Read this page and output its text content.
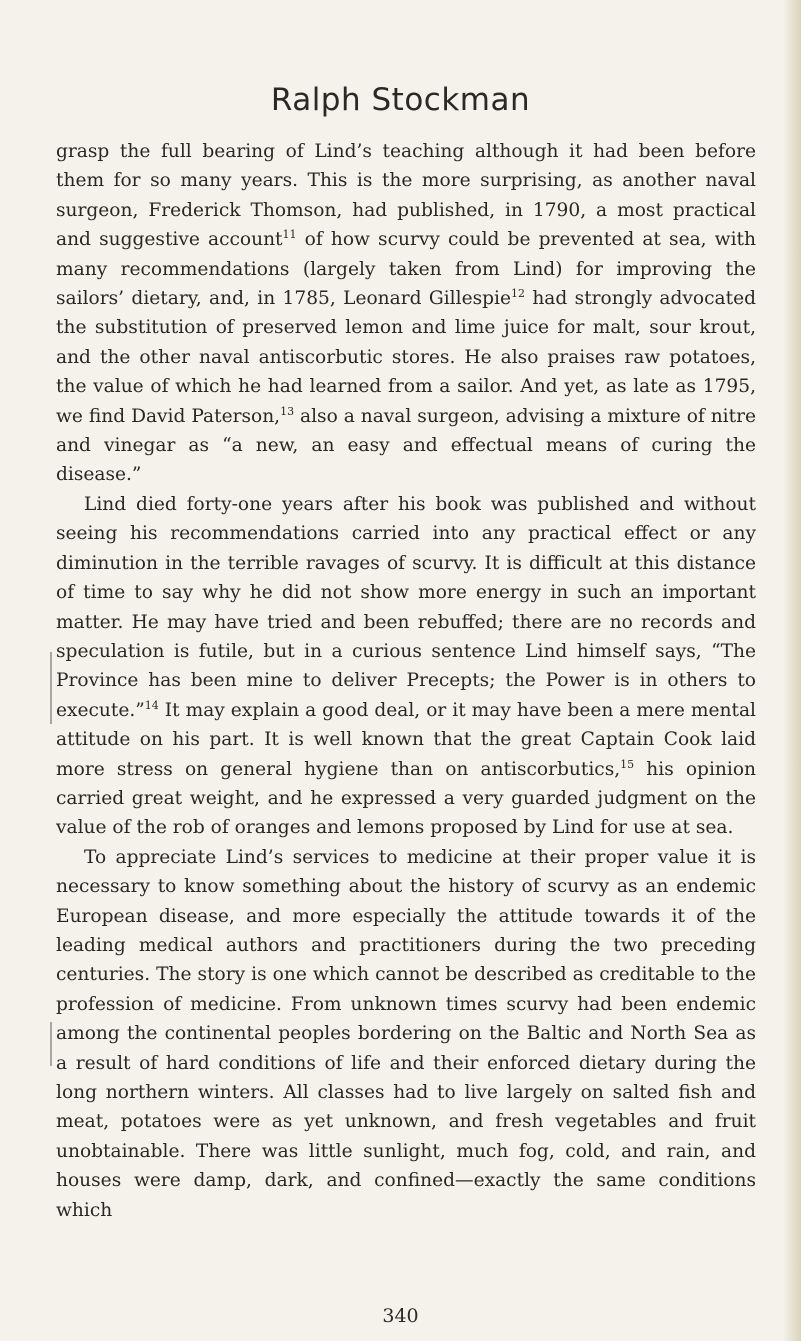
Ralph Stockman

grasp the full bearing of Lind’s teaching although it had been before them for so many years. This is the more surprising, as another naval surgeon, Frederick Thomson, had published, in 1790, a most practical and suggestive account$^{11}$ of how scurvy could be prevented at sea, with many recommendations (largely taken from Lind) for improving the sailors’ dietary, and, in 1785, Leonard Gillespie$^{12}$ had strongly advocated the substitution of preserved lemon and lime juice for malt, sour krout, and the other naval antiscorbutic stores. He also praises raw potatoes, the value of which he had learned from a sailor. And yet, as late as 1795, we find David Paterson,$^{13}$ also a naval surgeon, advising a mixture of nitre and vinegar as “a new, an easy and effectual means of curing the disease.”

Lind died forty-one years after his book was published and without seeing his recommendations carried into any practical effect or any diminution in the terrible ravages of scurvy. It is difficult at this distance of time to say why he did not show more energy in such an important matter. He may have tried and been rebuffed; there are no records and speculation is futile, but in a curious sentence Lind himself says, “The Province has been mine to deliver Precepts; the Power is in others to execute.”$^{14}$ It may explain a good deal, or it may have been a mere mental attitude on his part. It is well known that the great Captain Cook laid more stress on general hygiene than on antiscorbutics,$^{15}$ his opinion carried great weight, and he expressed a very guarded judgment on the value of the rob of oranges and lemons proposed by Lind for use at sea.

To appreciate Lind’s services to medicine at their proper value it is necessary to know something about the history of scurvy as an endemic European disease, and more especially the attitude towards it of the leading medical authors and practitioners during the two preceding centuries. The story is one which cannot be described as creditable to the profession of medicine. From unknown times scurvy had been endemic among the continental peoples bordering on the Baltic and North Sea as a result of hard conditions of life and their enforced dietary during the long northern winters. All classes had to live largely on salted fish and meat, potatoes were as yet unknown, and fresh vegetables and fruit unobtainable. There was little sunlight, much fog, cold, and rain, and houses were damp, dark, and confined—exactly the same conditions which

340
